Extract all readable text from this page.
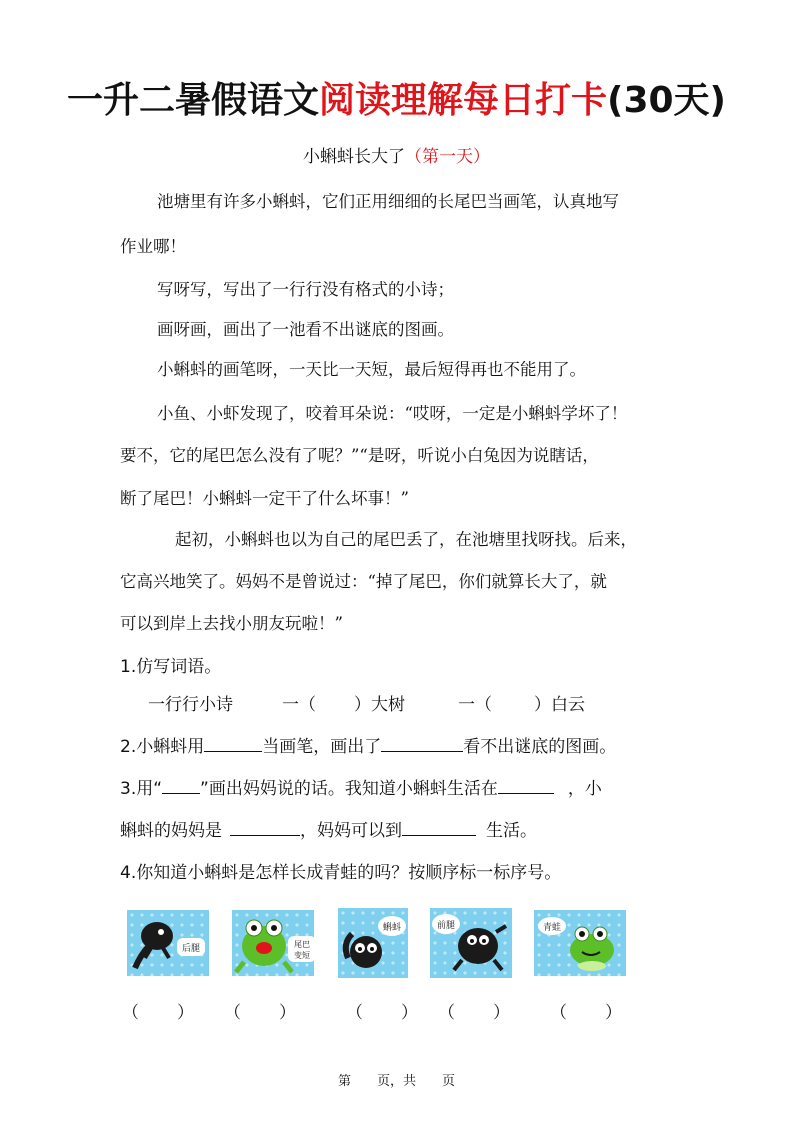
一升二暑假语文阅读理解每日打卡(30天)
小蝌蚪长大了（第一天）
池塘里有许多小蝌蚪，它们正用细细的长尾巴当画笔，认真地写
作业哪！
写呀写，写出了一行行没有格式的小诗；
画呀画，画出了一池看不出谜底的图画。
小蝌蚪的画笔呀，一天比一天短，最后短得再也不能用了。
小鱼、小虾发现了，咬着耳朵说：“哎呀，一定是小蝌蚪学坏了！
要不，它的尾巴怎么没有了呢？”“是呀，听说小白兔因为说瞎话，
断了尾巴！小蝌蚪一定干了什么坏事！”
起初，小蝌蚪也以为自己的尾巴丢了，在池塘里找呀找。后来，
它高兴地笑了。妈妈不是曾说过：“掉了尾巴，你们就算长大了，就
可以到岸上去找小朋友玩啦！”
1.仿写词语。
一行行小诗	一（ ）大树	一（ ）白云
2.小蝌蚪用	当画笔，画出了	看不出谜底的图画。
3.用“ ”画出妈妈说的话。我知道小蝌蚪生活在	，小
蝌蚪的妈妈是	，妈妈可以到	生活。
4.你知道小蝌蚪是怎样长成青蛙的吗？按顺序标一标序号。
后腿	尾巴
变短
蝌蚪	前腿	青蛙
（ ） （ ）	（ ） （ ） （ ）
第　　页，共　　页
